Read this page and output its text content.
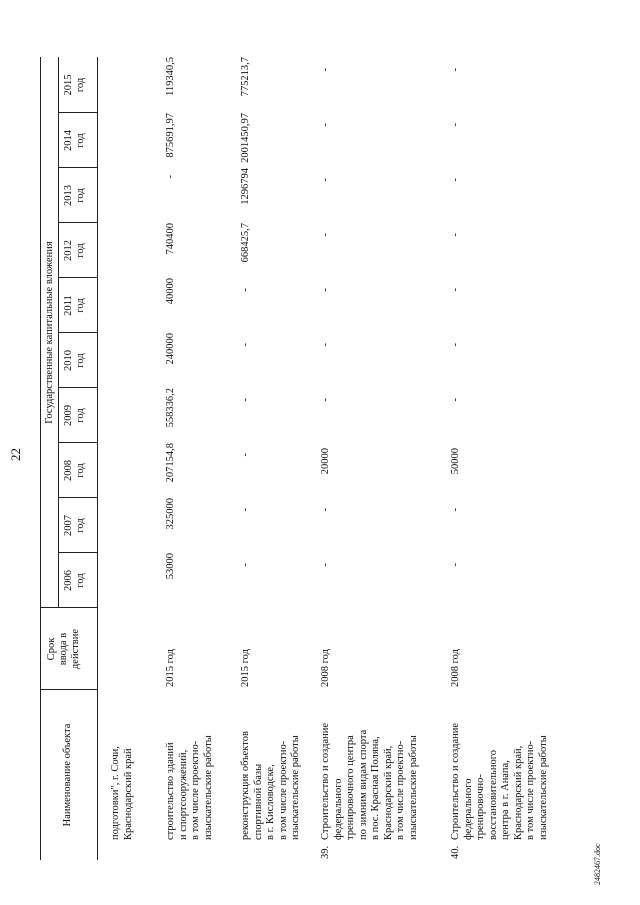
22
Наименование объекта
Срок
ввода в
действие
Государственные капитальные вложения
2006
год
2007
год
2008
год
2009
год
2010
год
2011
год
2012
год
2013
год
2014
год
2015
год
подготовки", г. Сочи,
Краснодарский край
строительство зданий
и спортсооружений,
в том числе проектно-
изыскательские работы
2015 год
53000
325000
207154,8
558336,2
240000
40000
740400
-
875691,97
119340,5
реконструкция объектов
спортивной базы
в г. Кисловодске,
в том числе проектно-
изыскательские работы
2015 год
-
-
-
-
-
-
668425,7
1296794
2001450,97
775213,7
39.
Строительство и создание
федерального
тренировочного центра
по зимним видам спорта
в пос. Красная Поляна,
Краснодарский край,
в том числе проектно-
изыскательские работы
2008 год
-
-
20000
-
-
-
-
-
-
-
40.
Строительство и создание
федерального
тренировочно-
восстановительного
центра в г. Анапа,
Краснодарский край,
в том числе проектно-
изыскательские работы
2008 год
-
-
50000
-
-
-
-
-
-
-
2482467.doc
